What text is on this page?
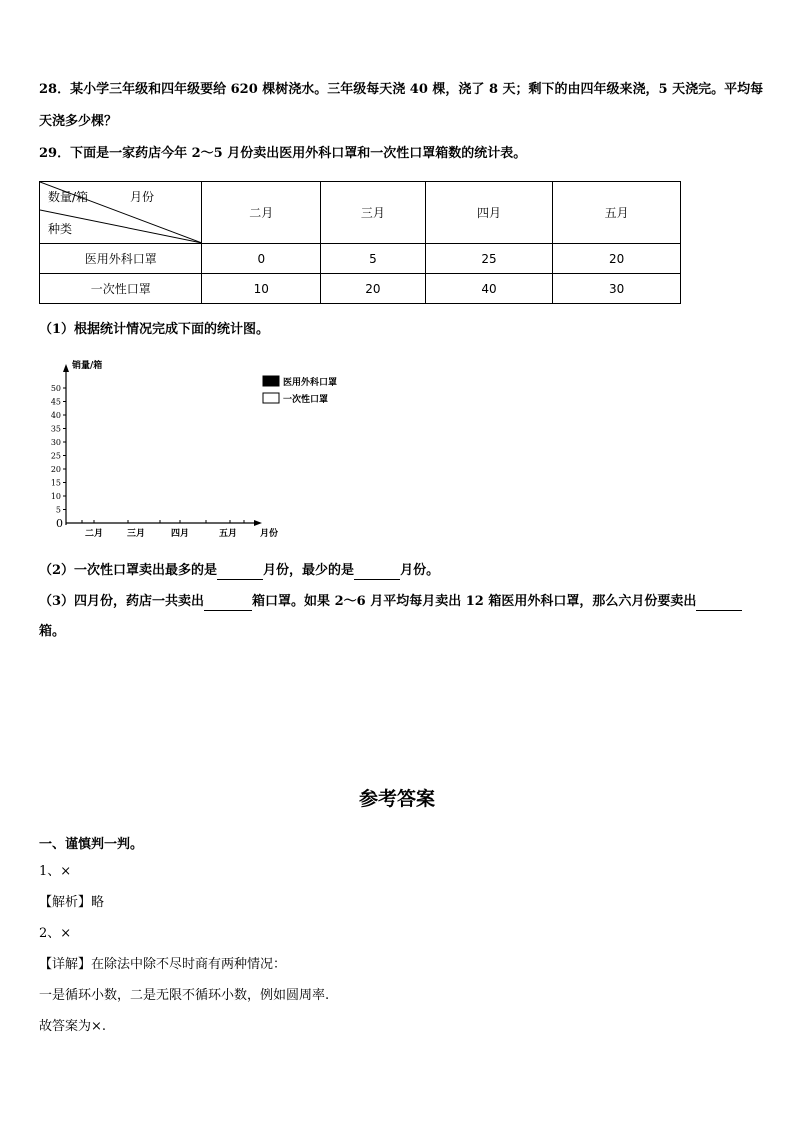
28．某小学三年级和四年级要给 620 棵树浇水。三年级每天浇 40 棵，浇了 8 天；剩下的由四年级来浇，5 天浇完。平均每
天浇多少棵？
29．下面是一家药店今年 2～5 月份卖出医用外科口罩和一次性口罩箱数的统计表。
数量/箱 月份
种类	二月	三月	四月	五月
医用外科口罩	0	5	25	20
一次性口罩	10	20	40	30
（1）根据统计情况完成下面的统计图。
销量/箱
月份
0
5
10
15
20
25
30
35
40
45
50
二月	三月	四月	五月
医用外科口罩
一次性口罩
（2）一次性口罩卖出最多的是	月份，最少的是	月份。
（3）四月份，药店一共卖出	箱口罩。如果 2～6 月平均每月卖出 12 箱医用外科口罩，那么六月份要卖出
箱。
参考答案
一、谨慎判一判。
1、×
【解析】略
2、×
【详解】在除法中除不尽时商有两种情况：
一是循环小数，二是无限不循环小数，例如圆周率.
故答案为×.
